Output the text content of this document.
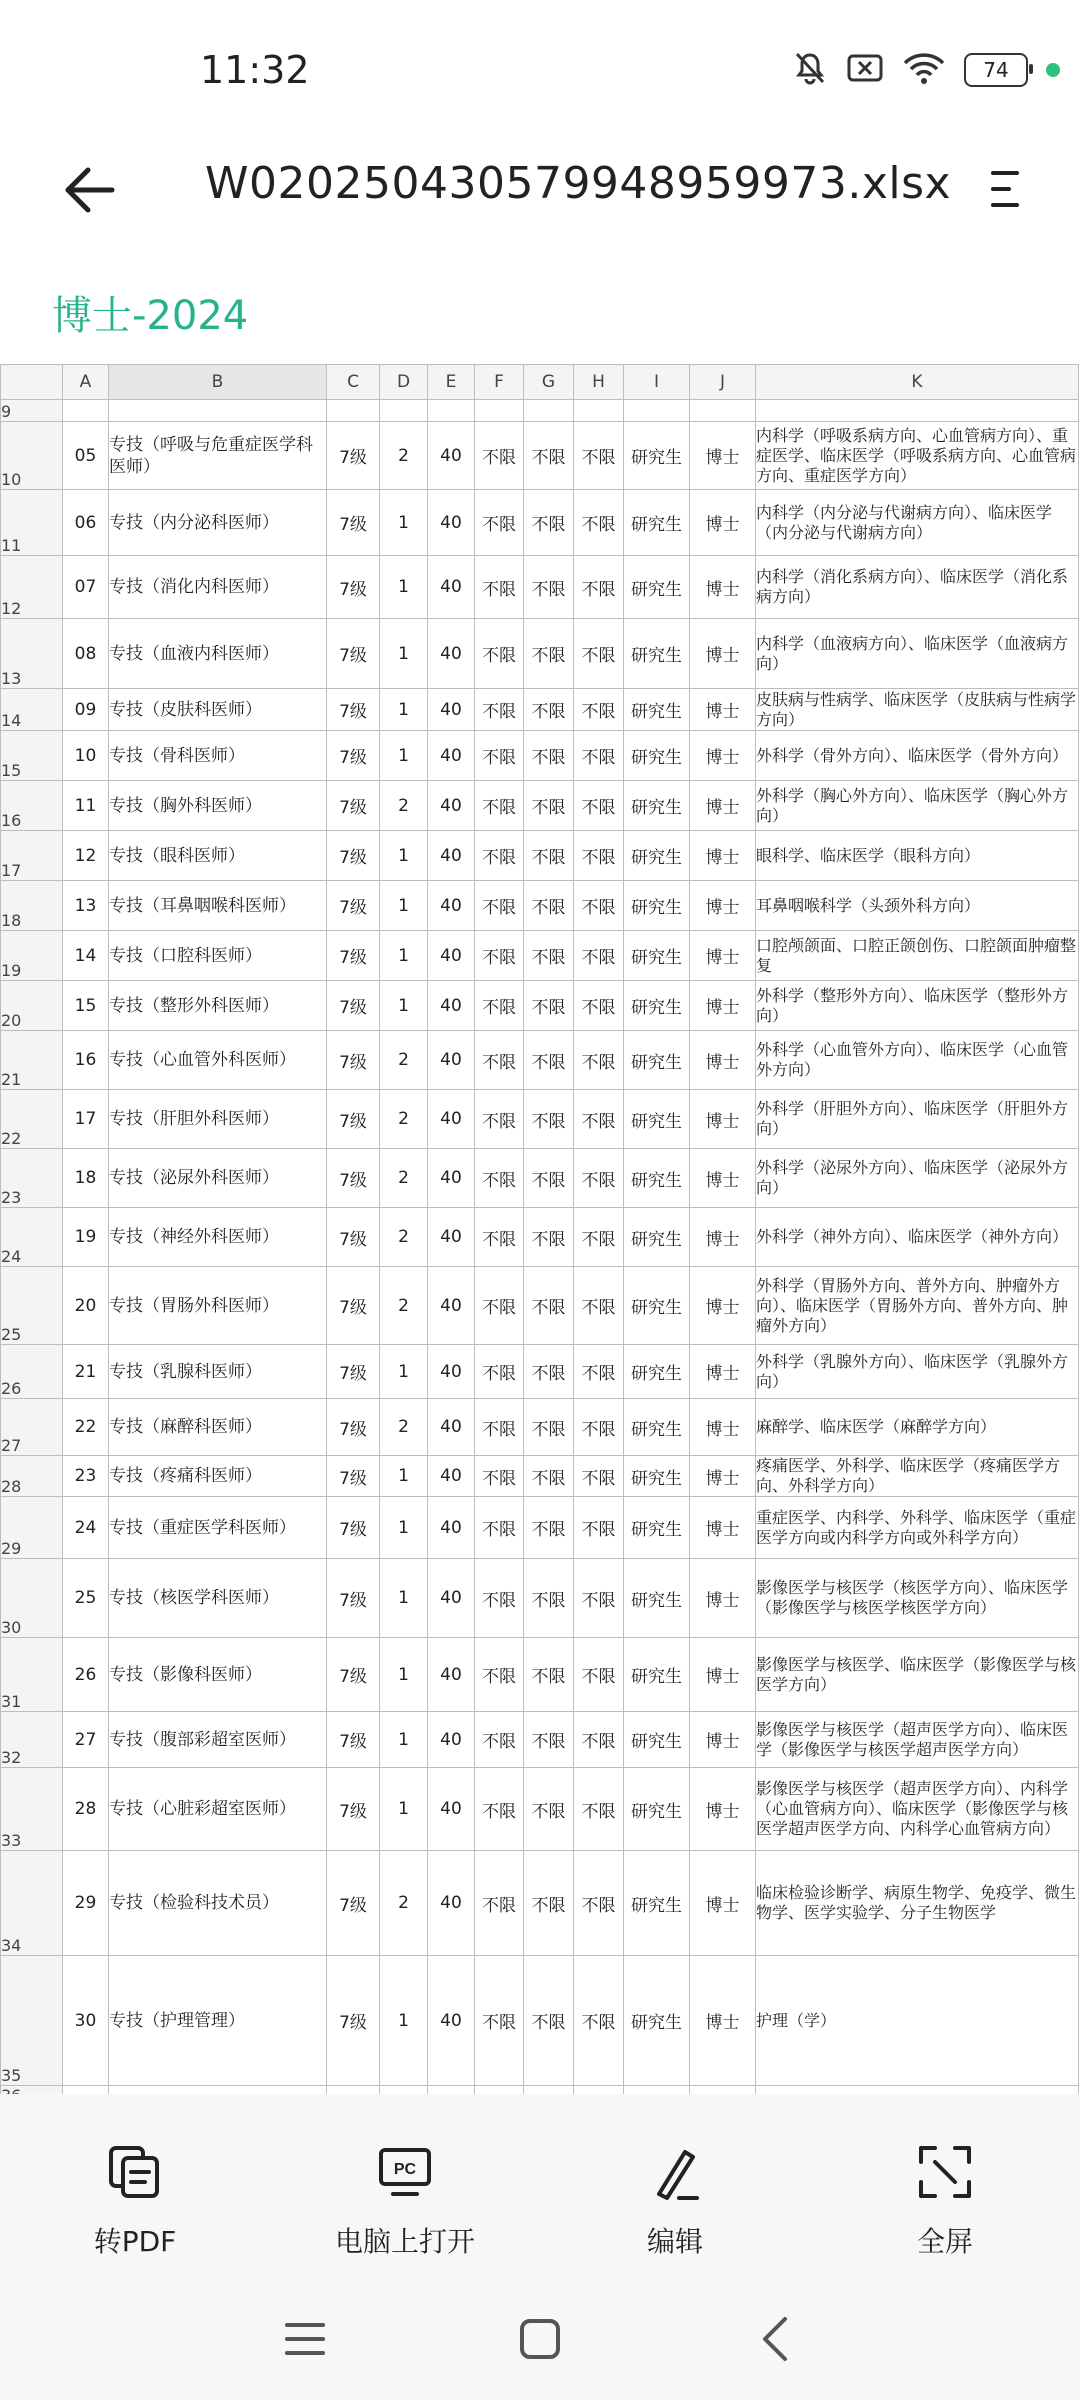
11:32	74
W020250430579948959973.xlsx
博士-2024
	A	B	C	D	E	F	G	H	I	J	K
9											
10	05	专技（呼吸与危重症医学科医师）	7级	2	40	不限	不限	不限	研究生	博士	内科学（呼吸系病方向、心血管病方向）、重症医学、临床医学（呼吸系病方向、心血管病方向、重症医学方向）
11	06	专技（内分泌科医师）	7级	1	40	不限	不限	不限	研究生	博士	内科学（内分泌与代谢病方向）、临床医学（内分泌与代谢病方向）
12	07	专技（消化内科医师）	7级	1	40	不限	不限	不限	研究生	博士	内科学（消化系病方向）、临床医学（消化系病方向）
13	08	专技（血液内科医师）	7级	1	40	不限	不限	不限	研究生	博士	内科学（血液病方向）、临床医学（血液病方向）
14	09	专技（皮肤科医师）	7级	1	40	不限	不限	不限	研究生	博士	皮肤病与性病学、临床医学（皮肤病与性病学方向）
15	10	专技（骨科医师）	7级	1	40	不限	不限	不限	研究生	博士	外科学（骨外方向）、临床医学（骨外方向）
16	11	专技（胸外科医师）	7级	2	40	不限	不限	不限	研究生	博士	外科学（胸心外方向）、临床医学（胸心外方向）
17	12	专技（眼科医师）	7级	1	40	不限	不限	不限	研究生	博士	眼科学、临床医学（眼科方向）
18	13	专技（耳鼻咽喉科医师）	7级	1	40	不限	不限	不限	研究生	博士	耳鼻咽喉科学（头颈外科方向）
19	14	专技（口腔科医师）	7级	1	40	不限	不限	不限	研究生	博士	口腔颅颌面、口腔正颌创伤、口腔颌面肿瘤整复
20	15	专技（整形外科医师）	7级	1	40	不限	不限	不限	研究生	博士	外科学（整形外方向）、临床医学（整形外方向）
21	16	专技（心血管外科医师）	7级	2	40	不限	不限	不限	研究生	博士	外科学（心血管外方向）、临床医学（心血管外方向）
22	17	专技（肝胆外科医师）	7级	2	40	不限	不限	不限	研究生	博士	外科学（肝胆外方向）、临床医学（肝胆外方向）
23	18	专技（泌尿外科医师）	7级	2	40	不限	不限	不限	研究生	博士	外科学（泌尿外方向）、临床医学（泌尿外方向）
24	19	专技（神经外科医师）	7级	2	40	不限	不限	不限	研究生	博士	外科学（神外方向）、临床医学（神外方向）
25	20	专技（胃肠外科医师）	7级	2	40	不限	不限	不限	研究生	博士	外科学（胃肠外方向、普外方向、肿瘤外方向）、临床医学（胃肠外方向、普外方向、肿瘤外方向）
26	21	专技（乳腺科医师）	7级	1	40	不限	不限	不限	研究生	博士	外科学（乳腺外方向）、临床医学（乳腺外方向）
27	22	专技（麻醉科医师）	7级	2	40	不限	不限	不限	研究生	博士	麻醉学、临床医学（麻醉学方向）
28	23	专技（疼痛科医师）	7级	1	40	不限	不限	不限	研究生	博士	疼痛医学、外科学、临床医学（疼痛医学方向、外科学方向）
29	24	专技（重症医学科医师）	7级	1	40	不限	不限	不限	研究生	博士	重症医学、内科学、外科学、临床医学（重症医学方向或内科学方向或外科学方向）
30	25	专技（核医学科医师）	7级	1	40	不限	不限	不限	研究生	博士	影像医学与核医学（核医学方向）、临床医学（影像医学与核医学核医学方向）
31	26	专技（影像科医师）	7级	1	40	不限	不限	不限	研究生	博士	影像医学与核医学、临床医学（影像医学与核医学方向）
32	27	专技（腹部彩超室医师）	7级	1	40	不限	不限	不限	研究生	博士	影像医学与核医学（超声医学方向）、临床医学（影像医学与核医学超声医学方向）
33	28	专技（心脏彩超室医师）	7级	1	40	不限	不限	不限	研究生	博士	影像医学与核医学（超声医学方向）、内科学（心血管病方向）、临床医学（影像医学与核医学超声医学方向、内科学心血管病方向）
34	29	专技（检验科技术员）	7级	2	40	不限	不限	不限	研究生	博士	临床检验诊断学、病原生物学、免疫学、微生物学、医学实验学、分子生物医学
35	30	专技（护理管理）	7级	1	40	不限	不限	不限	研究生	博士	护理（学）

转PDF
PC
电脑上打开	编辑	全屏
